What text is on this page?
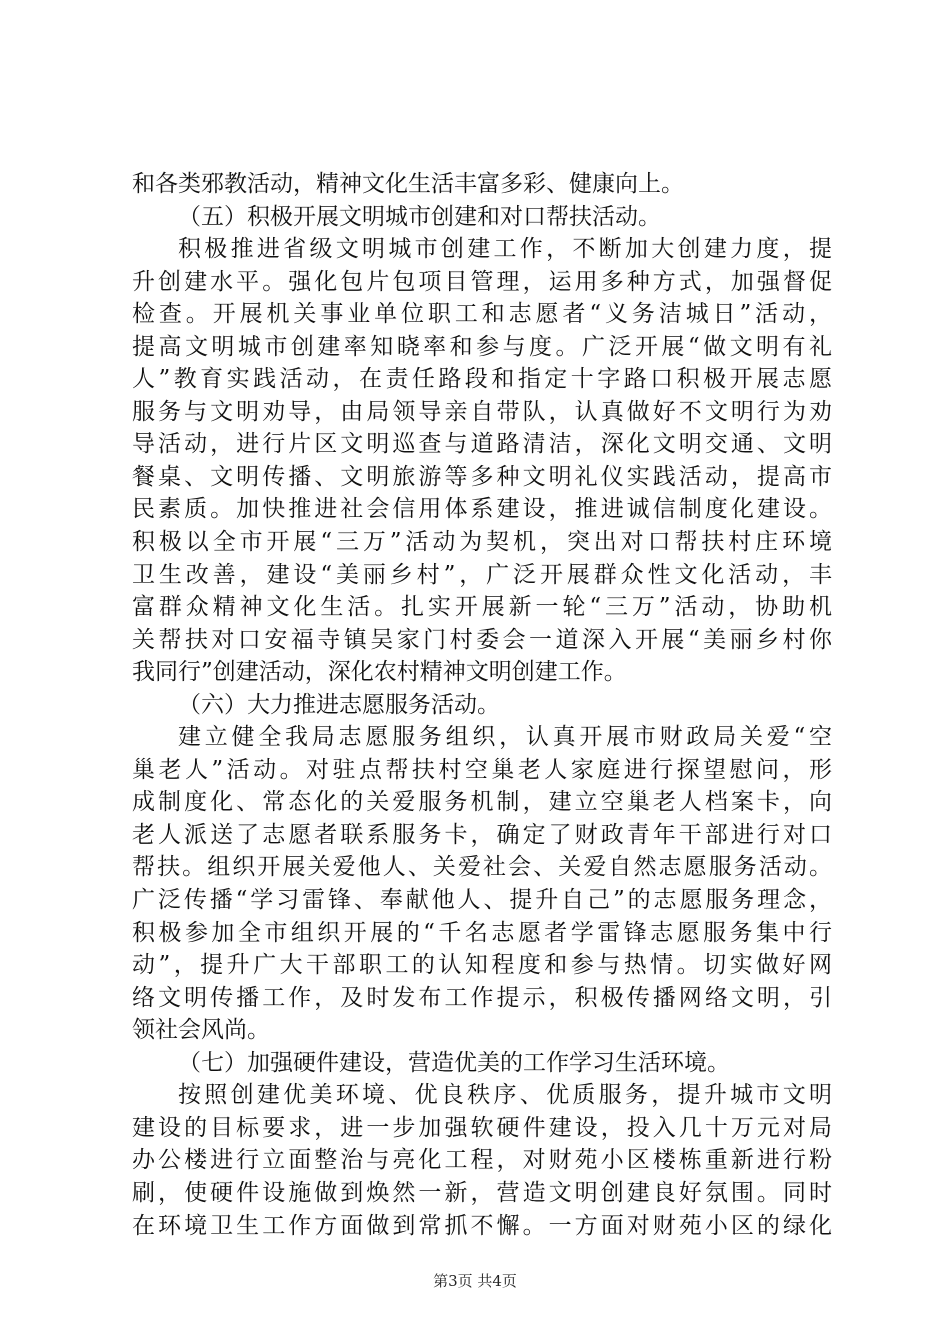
和各类邪教活动，精神文化生活丰富多彩、健康向上。
（五）积极开展文明城市创建和对口帮扶活动。
积极推进省级文明城市创建工作，不断加大创建力度，提
升创建水平。强化包片包项目管理，运用多种方式，加强督促
检查。开展机关事业单位职工和志愿者“义务洁城日”活动，
提高文明城市创建率知晓率和参与度。广泛开展“做文明有礼
人”教育实践活动，在责任路段和指定十字路口积极开展志愿
服务与文明劝导，由局领导亲自带队，认真做好不文明行为劝
导活动，进行片区文明巡查与道路清洁，深化文明交通、文明
餐桌、文明传播、文明旅游等多种文明礼仪实践活动，提高市
民素质。加快推进社会信用体系建设，推进诚信制度化建设。
积极以全市开展“三万”活动为契机，突出对口帮扶村庄环境
卫生改善，建设“美丽乡村”，广泛开展群众性文化活动，丰
富群众精神文化生活。扎实开展新一轮“三万”活动，协助机
关帮扶对口安福寺镇吴家门村委会一道深入开展“美丽乡村你
我同行”创建活动，深化农村精神文明创建工作。
（六）大力推进志愿服务活动。
建立健全我局志愿服务组织，认真开展市财政局关爱“空
巢老人”活动。对驻点帮扶村空巢老人家庭进行探望慰问，形
成制度化、常态化的关爱服务机制，建立空巢老人档案卡，向
老人派送了志愿者联系服务卡，确定了财政青年干部进行对口
帮扶。组织开展关爱他人、关爱社会、关爱自然志愿服务活动。
广泛传播“学习雷锋、奉献他人、提升自己”的志愿服务理念，
积极参加全市组织开展的“千名志愿者学雷锋志愿服务集中行
动”，提升广大干部职工的认知程度和参与热情。切实做好网
络文明传播工作，及时发布工作提示，积极传播网络文明，引
领社会风尚。
（七）加强硬件建设，营造优美的工作学习生活环境。
按照创建优美环境、优良秩序、优质服务，提升城市文明
建设的目标要求，进一步加强软硬件建设，投入几十万元对局
办公楼进行立面整治与亮化工程，对财苑小区楼栋重新进行粉
刷，使硬件设施做到焕然一新，营造文明创建良好氛围。同时
在环境卫生工作方面做到常抓不懈。一方面对财苑小区的绿化
第3页 共4页
